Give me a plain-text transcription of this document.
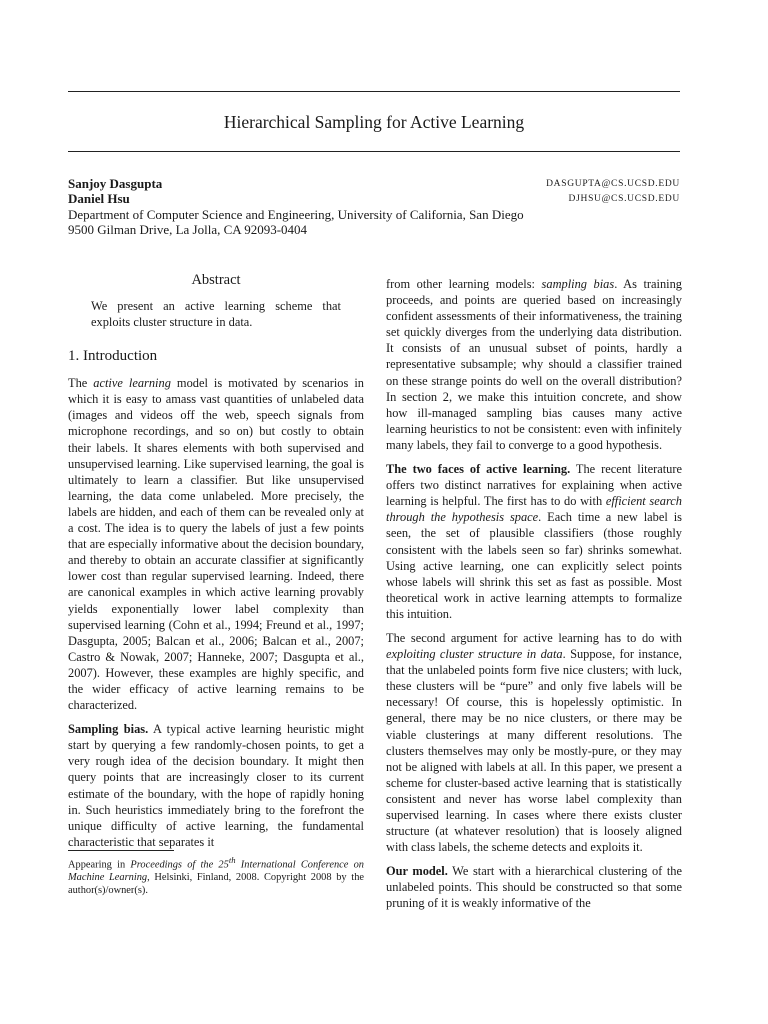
Hierarchical Sampling for Active Learning
Sanjoy Dasgupta	DASGUPTA@CS.UCSD.EDU
Daniel Hsu	DJHSU@CS.UCSD.EDU
Department of Computer Science and Engineering, University of California, San Diego
9500 Gilman Drive, La Jolla, CA 92093-0404

Abstract

We present an active learning scheme that exploits cluster structure in data.

1. Introduction

The active learning model is motivated by scenarios in which it is easy to amass vast quantities of unlabeled data (images and videos off the web, speech signals from microphone recordings, and so on) but costly to obtain their labels. It shares elements with both supervised and unsupervised learning. Like supervised learning, the goal is ultimately to learn a classifier. But like unsupervised learning, the data come unlabeled. More precisely, the labels are hidden, and each of them can be revealed only at a cost. The idea is to query the labels of just a few points that are especially informative about the decision boundary, and thereby to obtain an accurate classifier at significantly lower cost than regular supervised learning. Indeed, there are canonical examples in which active learning provably yields exponentially lower label complexity than supervised learning (Cohn et al., 1994; Freund et al., 1997; Dasgupta, 2005; Balcan et al., 2006; Balcan et al., 2007; Castro & Nowak, 2007; Hanneke, 2007; Dasgupta et al., 2007). However, these examples are highly specific, and the wider efficacy of active learning remains to be characterized.

Sampling bias. A typical active learning heuristic might start by querying a few randomly-chosen points, to get a very rough idea of the decision boundary. It might then query points that are increasingly closer to its current estimate of the boundary, with the hope of rapidly honing in. Such heuristics immediately bring to the forefront the unique difficulty of active learning, the fundamental characteristic that separates it

from other learning models: sampling bias. As training proceeds, and points are queried based on increasingly confident assessments of their informativeness, the training set quickly diverges from the underlying data distribution. It consists of an unusual subset of points, hardly a representative subsample; why should a classifier trained on these strange points do well on the overall distribution? In section 2, we make this intuition concrete, and show how ill-managed sampling bias causes many active learning heuristics to not be consistent: even with infinitely many labels, they fail to converge to a good hypothesis.

The two faces of active learning. The recent literature offers two distinct narratives for explaining when active learning is helpful. The first has to do with efficient search through the hypothesis space. Each time a new label is seen, the set of plausible classifiers (those roughly consistent with the labels seen so far) shrinks somewhat. Using active learning, one can explicitly select points whose labels will shrink this set as fast as possible. Most theoretical work in active learning attempts to formalize this intuition.

The second argument for active learning has to do with exploiting cluster structure in data. Suppose, for instance, that the unlabeled points form five nice clusters; with luck, these clusters will be “pure” and only five labels will be necessary! Of course, this is hopelessly optimistic. In general, there may be no nice clusters, or there may be viable clusterings at many different resolutions. The clusters themselves may only be mostly-pure, or they may not be aligned with labels at all. In this paper, we present a scheme for cluster-based active learning that is statistically consistent and never has worse label complexity than supervised learning. In cases where there exists cluster structure (at whatever resolution) that is loosely aligned with class labels, the scheme detects and exploits it.

Our model. We start with a hierarchical clustering of the unlabeled points. This should be constructed so that some pruning of it is weakly informative of the

Appearing in Proceedings of the 25th International Conference on Machine Learning, Helsinki, Finland, 2008. Copyright 2008 by the author(s)/owner(s).
